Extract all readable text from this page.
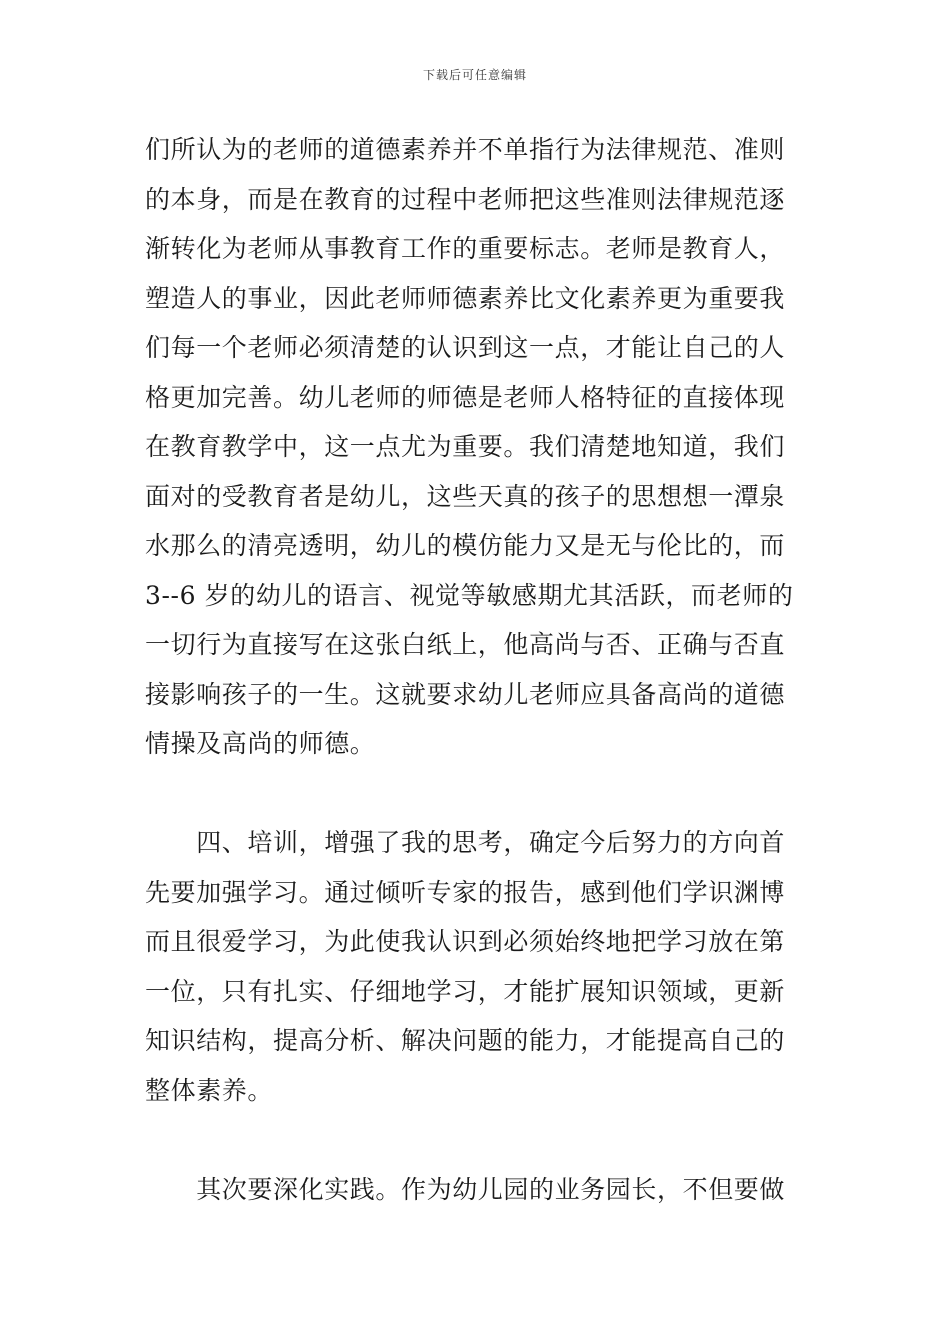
下载后可任意编辑
们所认为的老师的道德素养并不单指行为法律规范、准则
的本身，而是在教育的过程中老师把这些准则法律规范逐
渐转化为老师从事教育工作的重要标志。老师是教育人，
塑造人的事业，因此老师师德素养比文化素养更为重要我
们每一个老师必须清楚的认识到这一点，才能让自己的人
格更加完善。幼儿老师的师德是老师人格特征的直接体现
在教育教学中，这一点尤为重要。我们清楚地知道，我们
面对的受教育者是幼儿，这些天真的孩子的思想想一潭泉
水那么的清亮透明，幼儿的模仿能力又是无与伦比的，而
3--6 岁的幼儿的语言、视觉等敏感期尤其活跃，而老师的
一切行为直接写在这张白纸上，他高尚与否、正确与否直
接影响孩子的一生。这就要求幼儿老师应具备高尚的道德
情操及高尚的师德。
　　四、培训，增强了我的思考，确定今后努力的方向首
先要加强学习。通过倾听专家的报告，感到他们学识渊博
而且很爱学习，为此使我认识到必须始终地把学习放在第
一位，只有扎实、仔细地学习，才能扩展知识领域，更新
知识结构，提高分析、解决问题的能力，才能提高自己的
整体素养。
　　其次要深化实践。作为幼儿园的业务园长，不但要做
